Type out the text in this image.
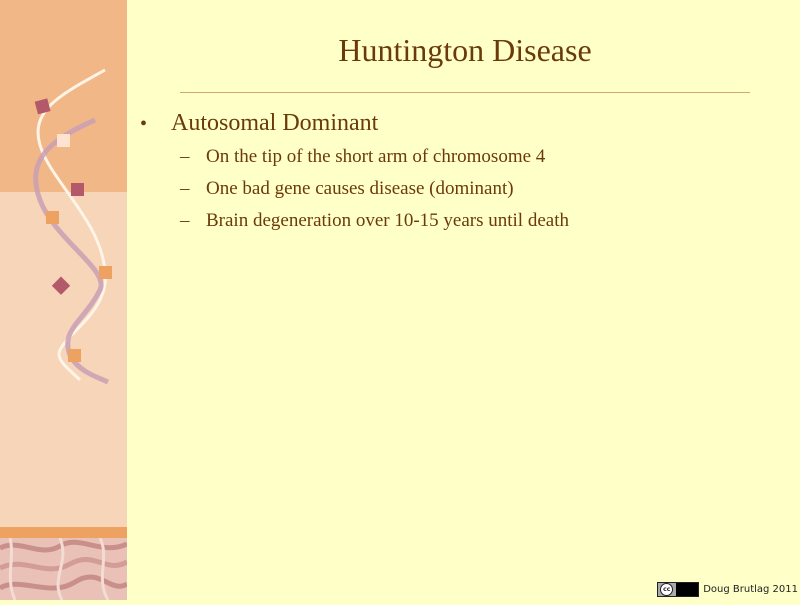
Huntington Disease
• Autosomal Dominant
– On the tip of the short arm of chromosome 4
– One bad gene causes disease (dominant)
– Brain degeneration over 10-15 years until death
cc	Doug Brutlag 2011
